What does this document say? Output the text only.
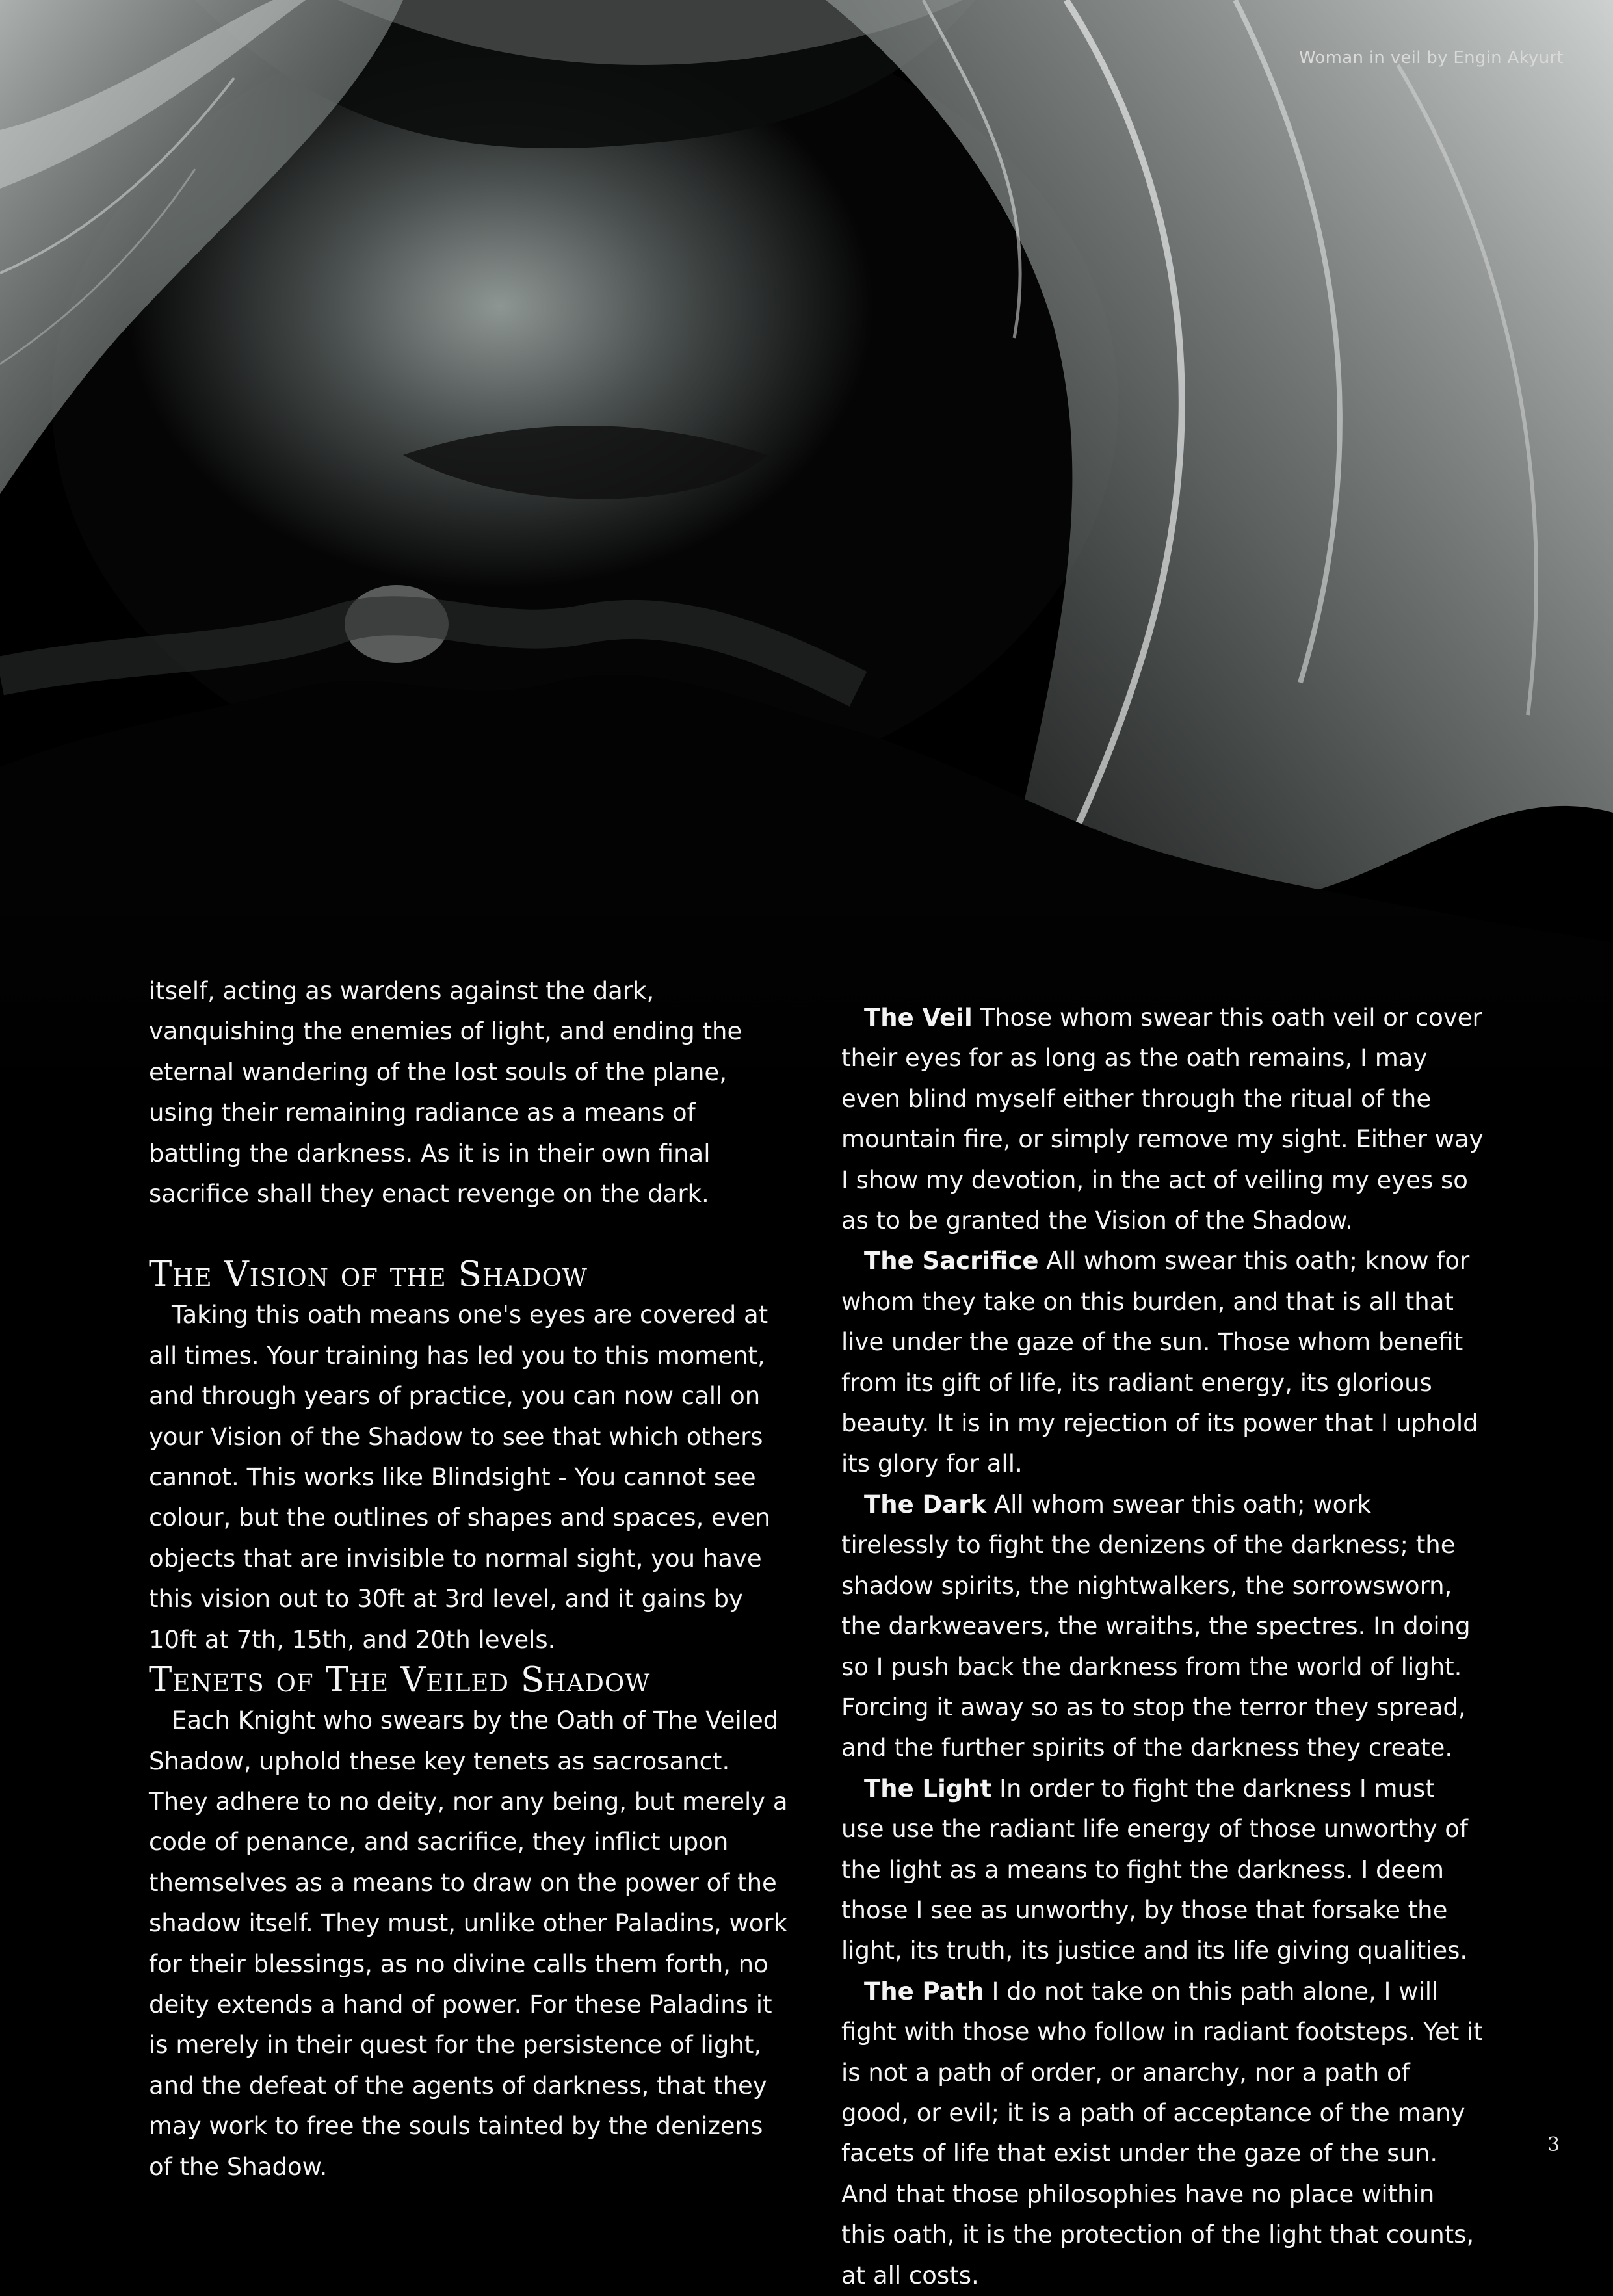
Woman in veil by Engin Akyurt

itself, acting as wardens against the dark, vanquishing the enemies of light, and ending the eternal wandering of the lost souls of the plane, using their remaining radiance as a means of battling the darkness. As it is in their own final sacrifice shall they enact revenge on the dark.

The Vision of the Shadow

Taking this oath means one's eyes are covered at all times. Your training has led you to this moment, and through years of practice, you can now call on your Vision of the Shadow to see that which others cannot. This works like Blindsight - You cannot see colour, but the outlines of shapes and spaces, even objects that are invisible to normal sight, you have this vision out to 30ft at 3rd level, and it gains by 10ft at 7th, 15th, and 20th levels.

Tenets of The Veiled Shadow

Each Knight who swears by the Oath of The Veiled Shadow, uphold these key tenets as sacrosanct. They adhere to no deity, nor any being, but merely a code of penance, and sacrifice, they inflict upon themselves as a means to draw on the power of the shadow itself. They must, unlike other Paladins, work for their blessings, as no divine calls them forth, no deity extends a hand of power. For these Paladins it is merely in their quest for the persistence of light, and the defeat of the agents of darkness, that they may work to free the souls tainted by the denizens of the Shadow.

The Veil Those whom swear this oath veil or cover their eyes for as long as the oath remains, I may even blind myself either through the ritual of the mountain fire, or simply remove my sight. Either way I show my devotion, in the act of veiling my eyes so as to be granted the Vision of the Shadow.

The Sacrifice All whom swear this oath; know for whom they take on this burden, and that is all that live under the gaze of the sun. Those whom benefit from its gift of life, its radiant energy, its glorious beauty. It is in my rejection of its power that I uphold its glory for all.

The Dark All whom swear this oath; work tirelessly to fight the denizens of the darkness; the shadow spirits, the nightwalkers, the sorrowsworn, the darkweavers, the wraiths, the spectres. In doing so I push back the darkness from the world of light. Forcing it away so as to stop the terror they spread, and the further spirits of the darkness they create.

The Light In order to fight the darkness I must use use the radiant life energy of those unworthy of the light as a means to fight the darkness. I deem those I see as unworthy, by those that forsake the light, its truth, its justice and its life giving qualities.

The Path I do not take on this path alone, I will fight with those who follow in radiant footsteps. Yet it is not a path of order, or anarchy, nor a path of good, or evil; it is a path of acceptance of the many facets of life that exist under the gaze of the sun. And that those philosophies have no place within this oath, it is the protection of the light that counts, at all costs.

3
